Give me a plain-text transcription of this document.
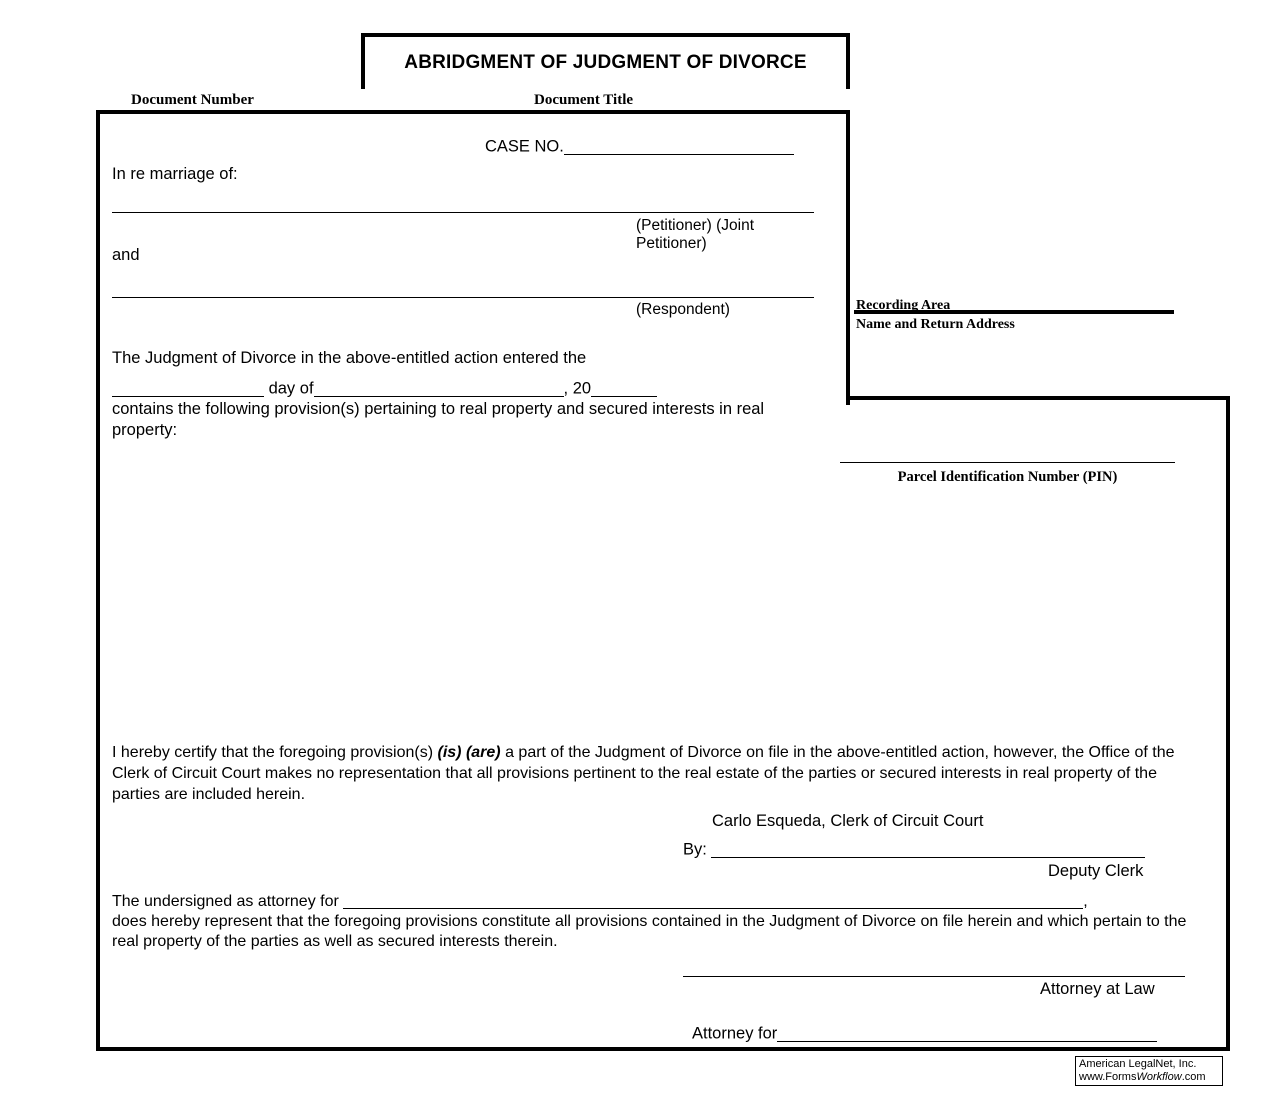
ABRIDGMENT OF JUDGMENT OF DIVORCE
Document Number	Document Title
Recording Area
Name and Return Address
CASE NO.
In re marriage of:
(Petitioner) (Joint
Petitioner)
and
(Respondent)
The Judgment of Divorce in the above-entitled action entered the
day of	, 20
contains the following provision(s) pertaining to real property and secured interests in real property:
Parcel Identification Number (PIN)
I hereby certify that the foregoing provision(s) (is) (are) a part of the Judgment of Divorce on file in the above-entitled action, however, the Office of the Clerk of Circuit Court makes no representation that all provisions pertinent to the real estate of the parties or secured interests in real property of the parties are included herein.
Carlo Esqueda, Clerk of Circuit Court
By:
Deputy Clerk
The undersigned as attorney for	,
does hereby represent that the foregoing provisions constitute all provisions contained in the Judgment of Divorce on file herein and which pertain to the real property of the parties as well as secured interests therein.
Attorney at Law
Attorney for
American LegalNet, Inc.
www.FormsWorkflow.com
